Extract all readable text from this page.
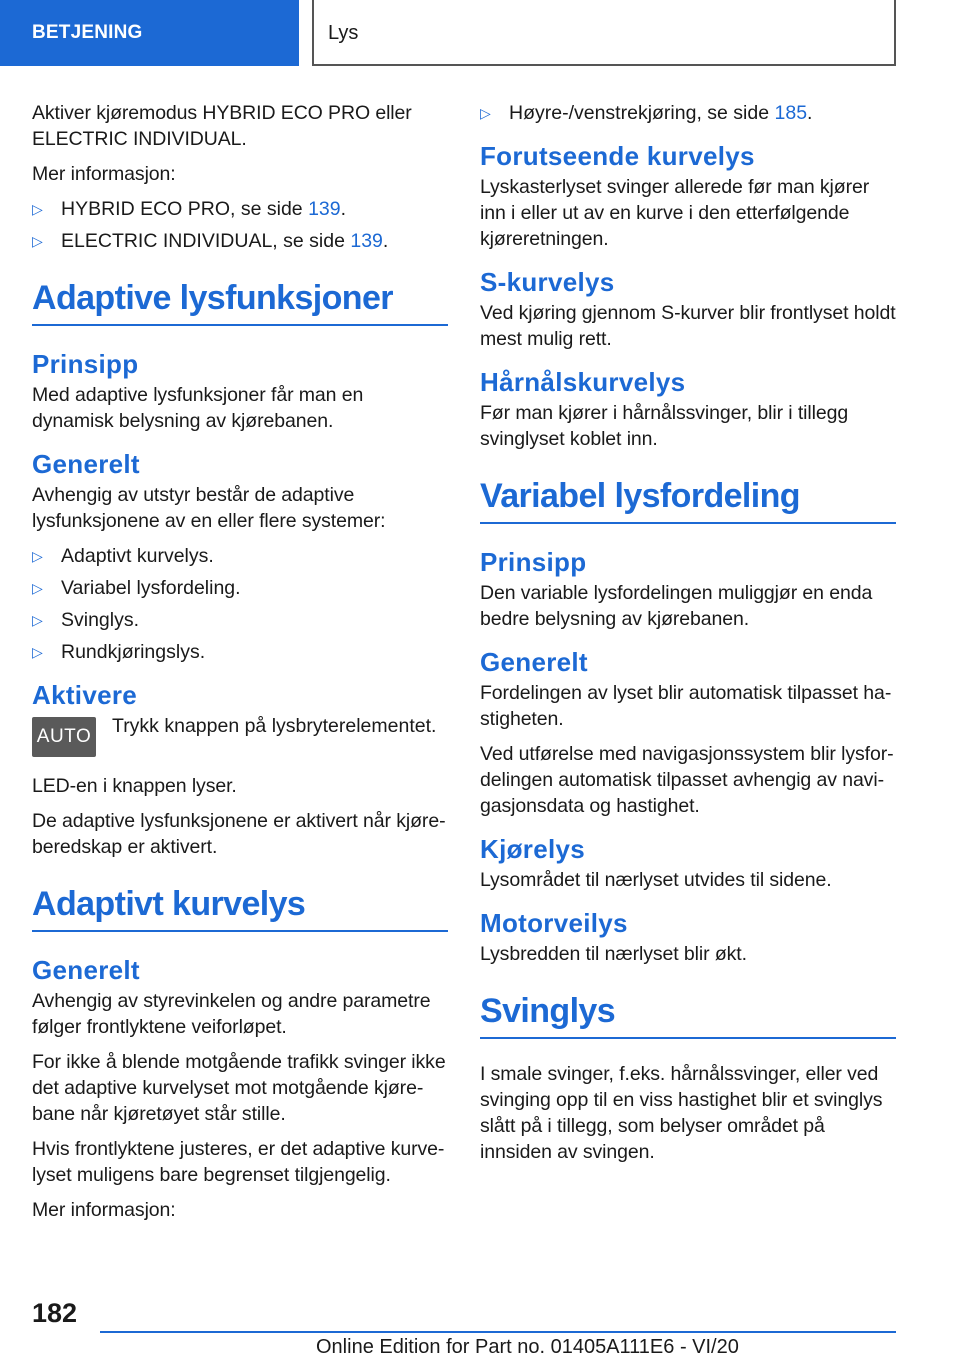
BETJENING	Lys

Aktiver kjøremodus HYBRID ECO PRO eller ELECTRIC INDIVIDUAL.

Mer informasjon:

▷ HYBRID ECO PRO, se side 139.
▷ ELECTRIC INDIVIDUAL, se side 139.
Adaptive lysfunksjoner
Prinsipp

Med adaptive lysfunksjoner får man en dynamisk belysning av kjørebanen.

Generelt

Avhengig av utstyr består de adaptive lysfunksjonene av en eller flere systemer:

▷ Adaptivt kurvelys.
▷ Variabel lysfordeling.
▷ Svinglys.
▷ Rundkjøringslys.
Aktivere
AUTO	Trykk knappen på lysbryterelementet.

LED-en i knappen lyser.

De adaptive lysfunksjonene er aktivert når kjøreberedskap er aktivert.

Adaptivt kurvelys
Generelt

Avhengig av styrevinkelen og andre parametre følger frontlyktene veiforløpet.

For ikke å blende motgående trafikk svinger ikke det adaptive kurvelyset mot motgående kjørebane når kjøretøyet står stille.

Hvis frontlyktene justeres, er det adaptive kurvelyset muligens bare begrenset tilgjengelig.

Mer informasjon:

▷ Høyre-/venstrekjøring, se side 185.
Forutseende kurvelys

Lyskasterlyset svinger allerede før man kjører inn i eller ut av en kurve i den etterfølgende kjøreretningen.

S-kurvelys

Ved kjøring gjennom S-kurver blir frontlyset holdt mest mulig rett.

Hårnålskurvelys

Før man kjører i hårnålssvinger, blir i tillegg svinglyset koblet inn.

Variabel lysfordeling
Prinsipp

Den variable lysfordelingen muliggjør en enda bedre belysning av kjørebanen.

Generelt

Fordelingen av lyset blir automatisk tilpasset hastigheten.

Ved utførelse med navigasjonssystem blir lysfordelingen automatisk tilpasset avhengig av navigasjonsdata og hastighet.

Kjørelys

Lysområdet til nærlyset utvides til sidene.

Motorveilys

Lysbredden til nærlyset blir økt.

Svinglys

I smale svinger, f.eks. hårnålssvinger, eller ved svinging opp til en viss hastighet blir et svinglys slått på i tillegg, som belyser området på innsiden av svingen.

182
Online Edition for Part no. 01405A111E6 - VI/20
